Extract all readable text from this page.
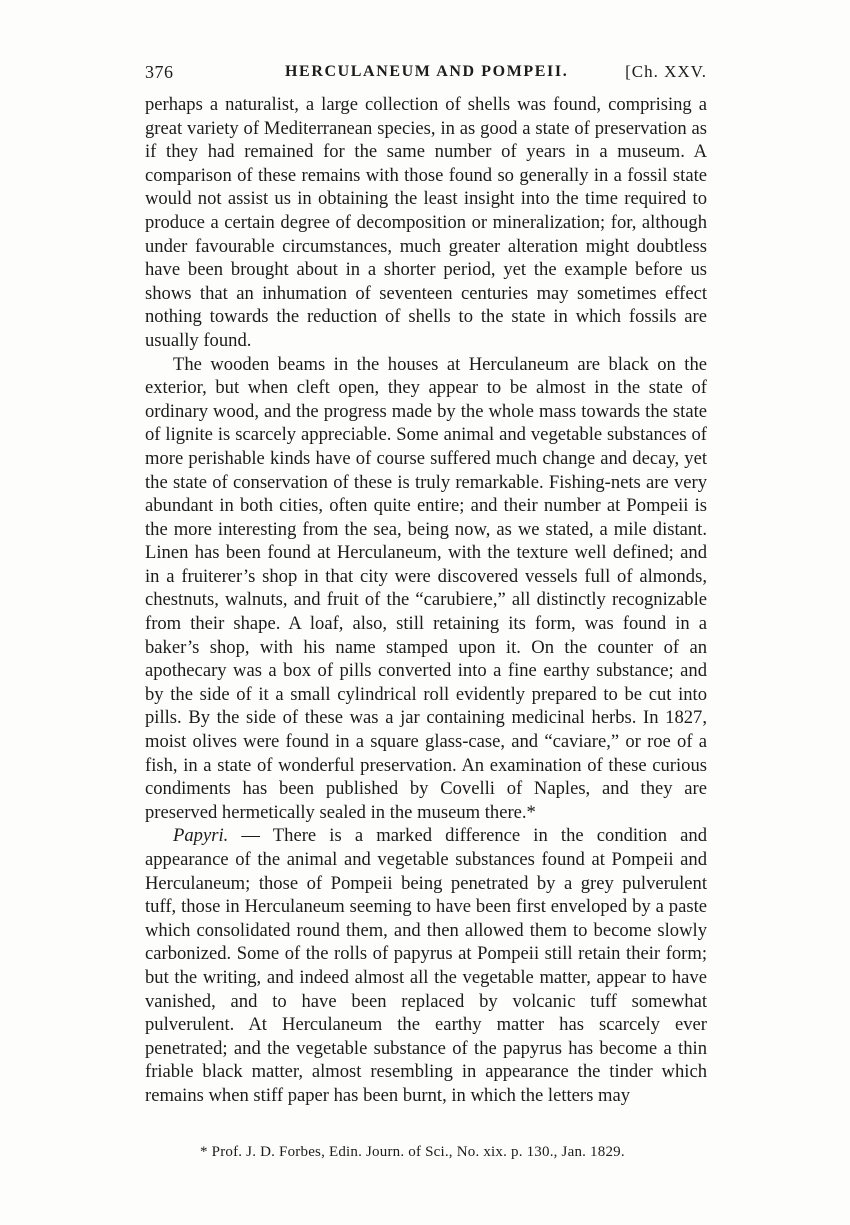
376	HERCULANEUM AND POMPEII.	[Ch. XXV.

perhaps a naturalist, a large collection of shells was found, comprising a great variety of Mediterranean species, in as good a state of preservation as if they had remained for the same number of years in a museum. A comparison of these remains with those found so generally in a fossil state would not assist us in obtaining the least insight into the time required to produce a certain degree of decomposition or mineralization; for, although under favourable circumstances, much greater alteration might doubtless have been brought about in a shorter period, yet the example before us shows that an inhumation of seventeen centuries may sometimes effect nothing towards the reduction of shells to the state in which fossils are usually found.

The wooden beams in the houses at Herculaneum are black on the exterior, but when cleft open, they appear to be almost in the state of ordinary wood, and the progress made by the whole mass towards the state of lignite is scarcely appreciable. Some animal and vegetable substances of more perishable kinds have of course suffered much change and decay, yet the state of conservation of these is truly remarkable. Fishing-nets are very abundant in both cities, often quite entire; and their number at Pompeii is the more interesting from the sea, being now, as we stated, a mile distant. Linen has been found at Herculaneum, with the texture well defined; and in a fruiterer’s shop in that city were discovered vessels full of almonds, chestnuts, walnuts, and fruit of the “carubiere,” all distinctly recognizable from their shape. A loaf, also, still retaining its form, was found in a baker’s shop, with his name stamped upon it. On the counter of an apothecary was a box of pills converted into a fine earthy substance; and by the side of it a small cylindrical roll evidently prepared to be cut into pills. By the side of these was a jar containing medicinal herbs. In 1827, moist olives were found in a square glass-case, and “caviare,” or roe of a fish, in a state of wonderful preservation. An examination of these curious condiments has been published by Covelli of Naples, and they are preserved hermetically sealed in the museum there.*

Papyri. — There is a marked difference in the condition and appearance of the animal and vegetable substances found at Pompeii and Herculaneum; those of Pompeii being penetrated by a grey pulverulent tuff, those in Herculaneum seeming to have been first enveloped by a paste which consolidated round them, and then allowed them to become slowly carbonized. Some of the rolls of papyrus at Pompeii still retain their form; but the writing, and indeed almost all the vegetable matter, appear to have vanished, and to have been replaced by volcanic tuff somewhat pulverulent. At Herculaneum the earthy matter has scarcely ever penetrated; and the vegetable substance of the papyrus has become a thin friable black matter, almost resembling in appearance the tinder which remains when stiff paper has been burnt, in which the letters may

* Prof. J. D. Forbes, Edin. Journ. of Sci., No. xix. p. 130., Jan. 1829.
